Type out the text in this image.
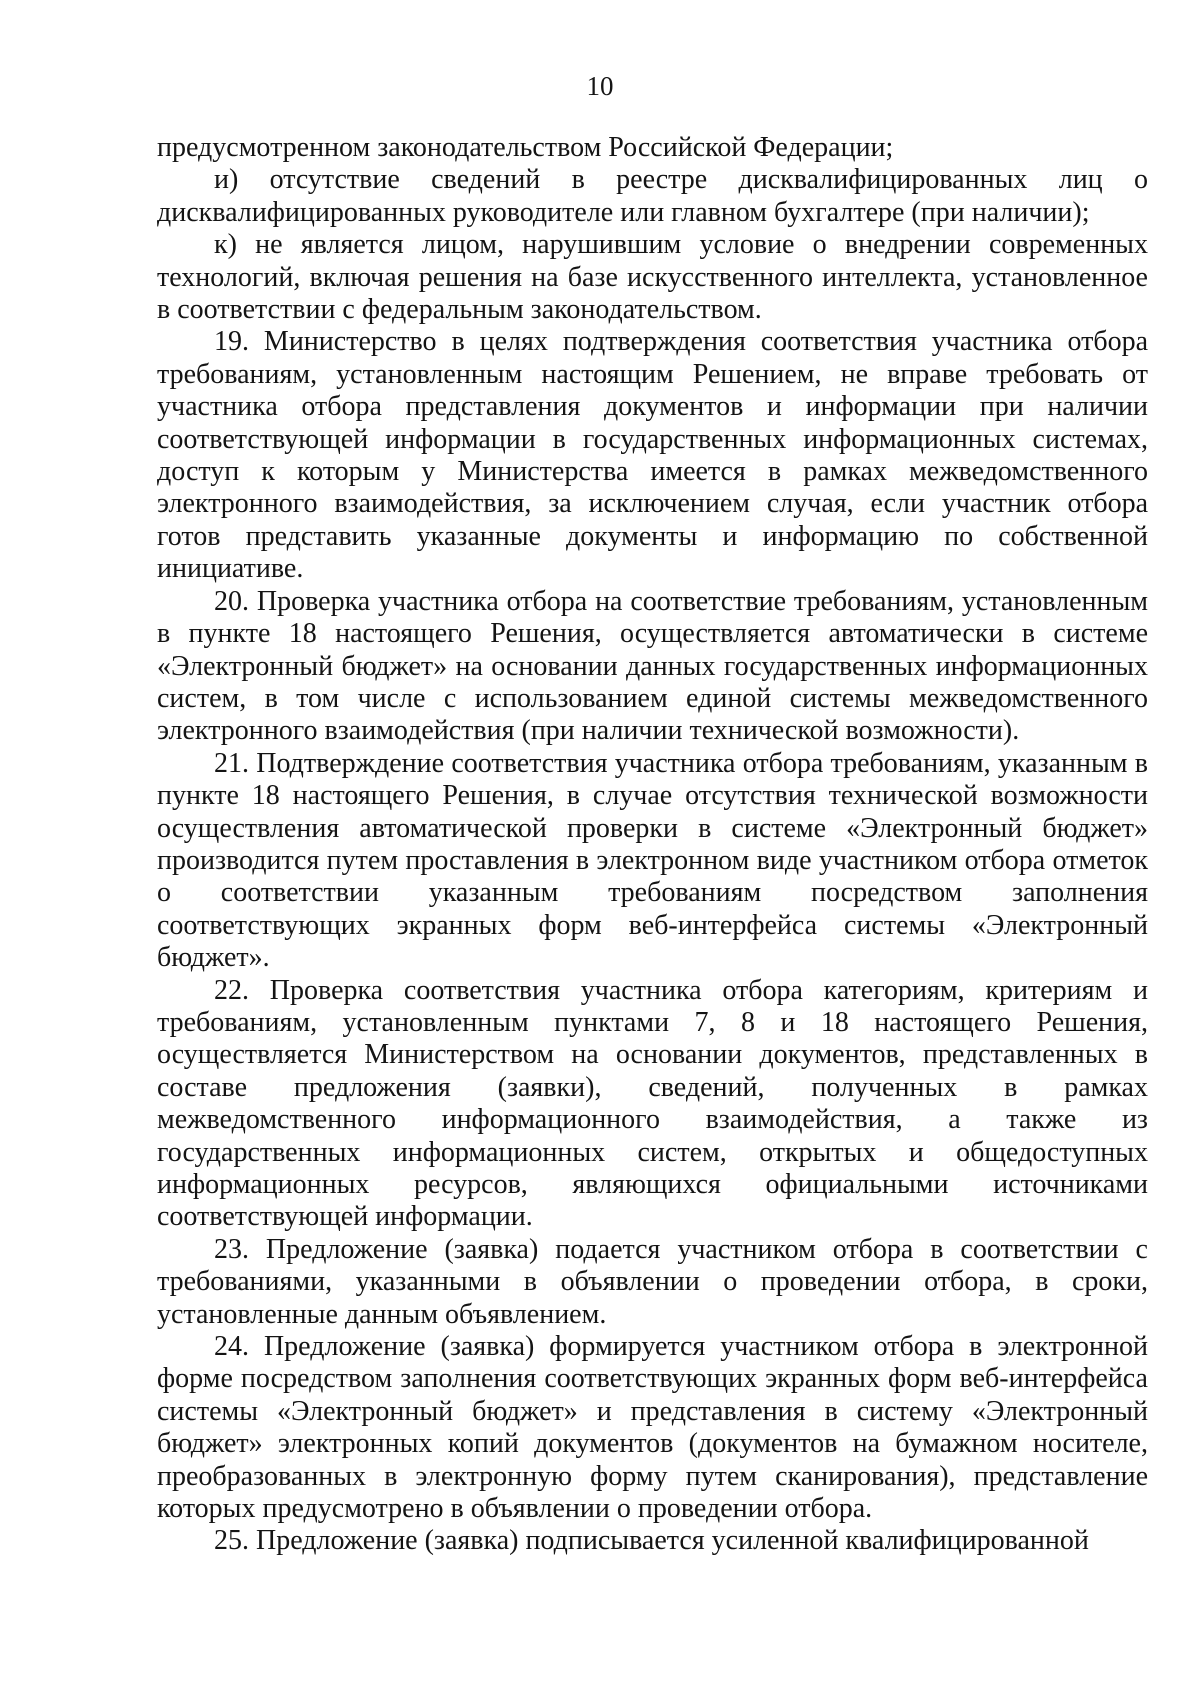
10

предусмотренном законодательством Российской Федерации;

и) отсутствие сведений в реестре дисквалифицированных лиц о дисквалифицированных руководителе или главном бухгалтере (при наличии);

к) не является лицом, нарушившим условие о внедрении современных технологий, включая решения на базе искусственного интеллекта, установленное в соответствии с федеральным законодательством.

19. Министерство в целях подтверждения соответствия участника отбора требованиям, установленным настоящим Решением, не вправе требовать от участника отбора представления документов и информации при наличии соответствующей информации в государственных информационных системах, доступ к которым у Министерства имеется в рамках межведомственного электронного взаимодействия, за исключением случая, если участник отбора готов представить указанные документы и информацию по собственной инициативе.

20. Проверка участника отбора на соответствие требованиям, установленным в пункте 18 настоящего Решения, осуществляется автоматически в системе «Электронный бюджет» на основании данных государственных информационных систем, в том числе с использованием единой системы межведомственного электронного взаимодействия (при наличии технической возможности).

21. Подтверждение соответствия участника отбора требованиям, указанным в пункте 18 настоящего Решения, в случае отсутствия технической возможности осуществления автоматической проверки в системе «Электронный бюджет» производится путем проставления в электронном виде участником отбора отметок о соответствии указанным требованиям посредством заполнения соответствующих экранных форм веб-интерфейса системы «Электронный бюджет».

22. Проверка соответствия участника отбора категориям, критериям и требованиям, установленным пунктами 7, 8 и 18 настоящего Решения, осуществляется Министерством на основании документов, представленных в составе предложения (заявки), сведений, полученных в рамках межведомственного информационного взаимодействия, а также из государственных информационных систем, открытых и общедоступных информационных ресурсов, являющихся официальными источниками соответствующей информации.

23. Предложение (заявка) подается участником отбора в соответствии с требованиями, указанными в объявлении о проведении отбора, в сроки, установленные данным объявлением.

24. Предложение (заявка) формируется участником отбора в электронной форме посредством заполнения соответствующих экранных форм веб-интерфейса системы «Электронный бюджет» и представления в систему «Электронный бюджет» электронных копий документов (документов на бумажном носителе, преобразованных в электронную форму путем сканирования), представление которых предусмотрено в объявлении о проведении отбора.

25. Предложение (заявка) подписывается усиленной квалифицированной
